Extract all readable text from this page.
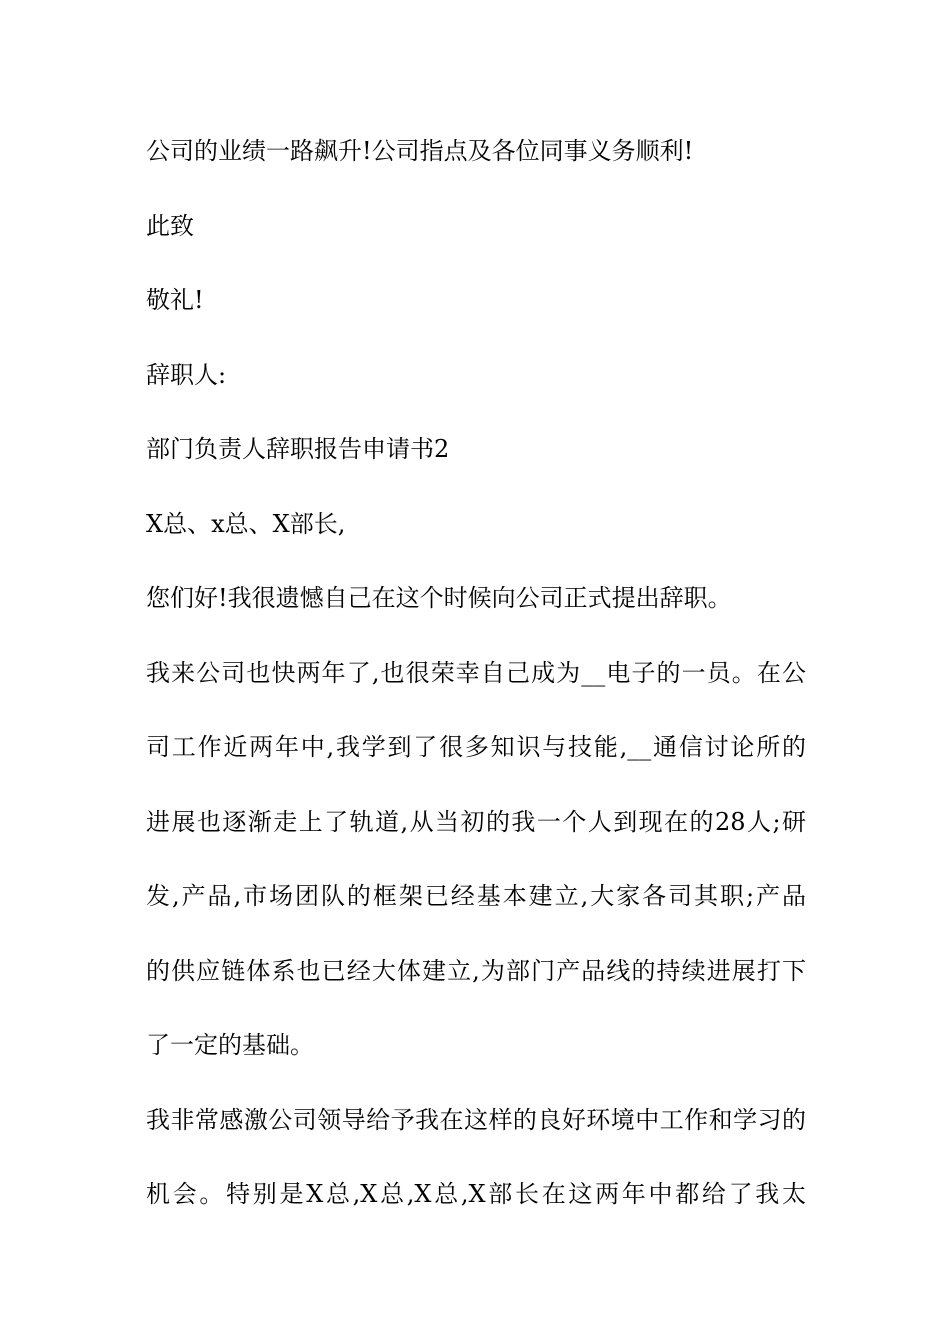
公司的业绩一路飙升!公司指点及各位同事义务顺利!
此致
敬礼!
辞职人:
部门负责人辞职报告申请书2
X总、x总、X部长,
您们好!我很遗憾自己在这个时候向公司正式提出辞职。
我来公司也快两年了,也很荣幸自己成为__电子的一员。在公
司工作近两年中,我学到了很多知识与技能,__通信讨论所的
进展也逐渐走上了轨道,从当初的我一个人到现在的28人;研
发,产品,市场团队的框架已经基本建立,大家各司其职;产品
的供应链体系也已经大体建立,为部门产品线的持续进展打下
了一定的基础。
我非常感激公司领导给予我在这样的良好环境中工作和学习的
机会。特别是X总,X总,X总,X部长在这两年中都给了我太
